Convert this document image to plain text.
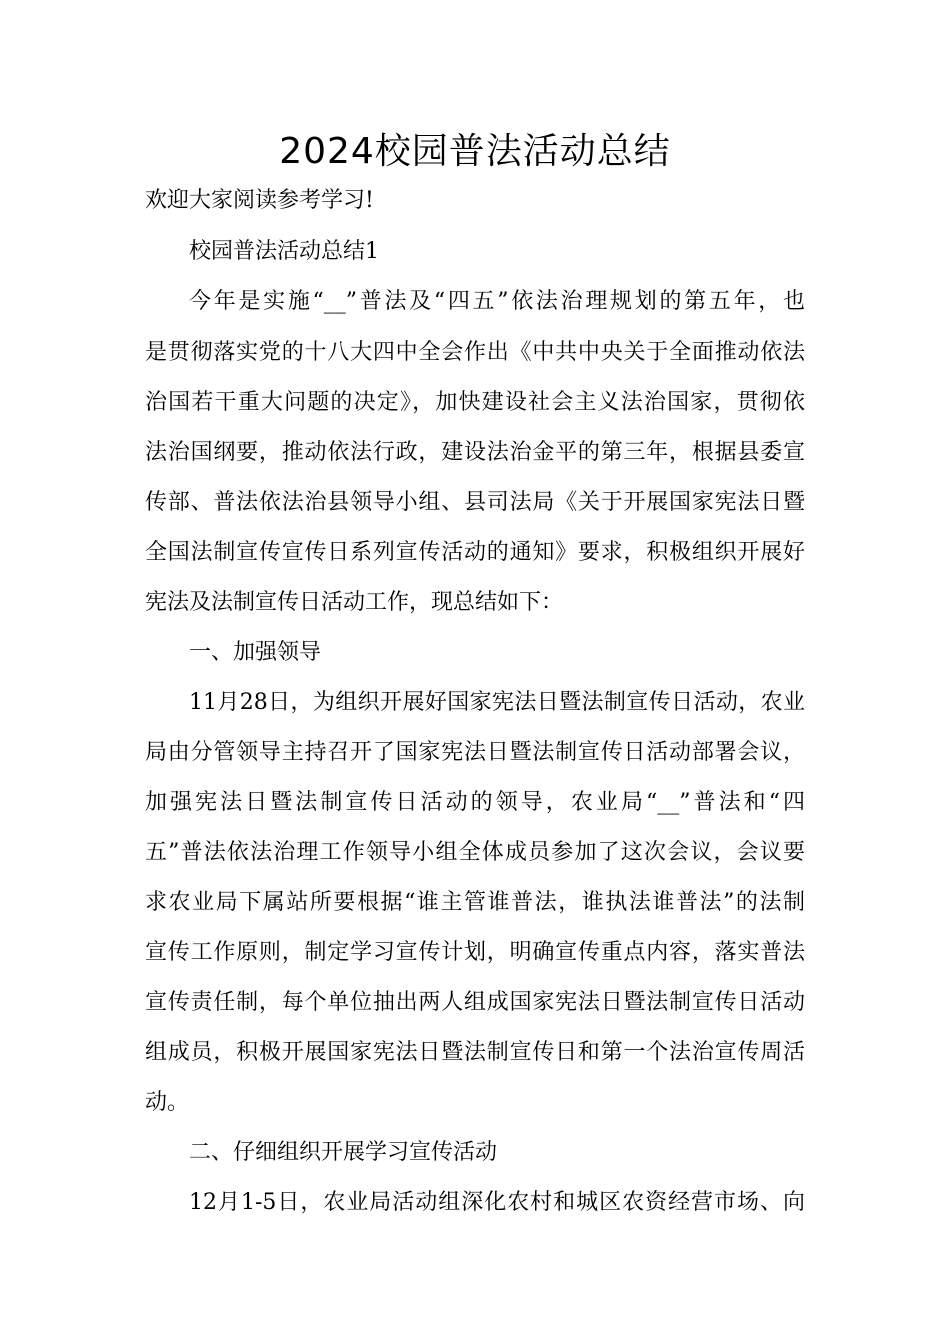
2024校园普法活动总结
欢迎大家阅读参考学习!
校园普法活动总结1
今年是实施“__”普法及“四五”依法治理规划的第五年，也
是贯彻落实党的十八大四中全会作出《中共中央关于全面推动依法
治国若干重大问题的决定》，加快建设社会主义法治国家，贯彻依
法治国纲要，推动依法行政，建设法治金平的第三年，根据县委宣
传部、普法依法治县领导小组、县司法局《关于开展国家宪法日暨
全国法制宣传宣传日系列宣传活动的通知》要求，积极组织开展好
宪法及法制宣传日活动工作，现总结如下：
一、加强领导
11月28日，为组织开展好国家宪法日暨法制宣传日活动，农业
局由分管领导主持召开了国家宪法日暨法制宣传日活动部署会议，
加强宪法日暨法制宣传日活动的领导，农业局“__”普法和“四
五”普法依法治理工作领导小组全体成员参加了这次会议，会议要
求农业局下属站所要根据“谁主管谁普法，谁执法谁普法”的法制
宣传工作原则，制定学习宣传计划，明确宣传重点内容，落实普法
宣传责任制，每个单位抽出两人组成国家宪法日暨法制宣传日活动
组成员，积极开展国家宪法日暨法制宣传日和第一个法治宣传周活
动。
二、仔细组织开展学习宣传活动
12月1-5日，农业局活动组深化农村和城区农资经营市场、向
